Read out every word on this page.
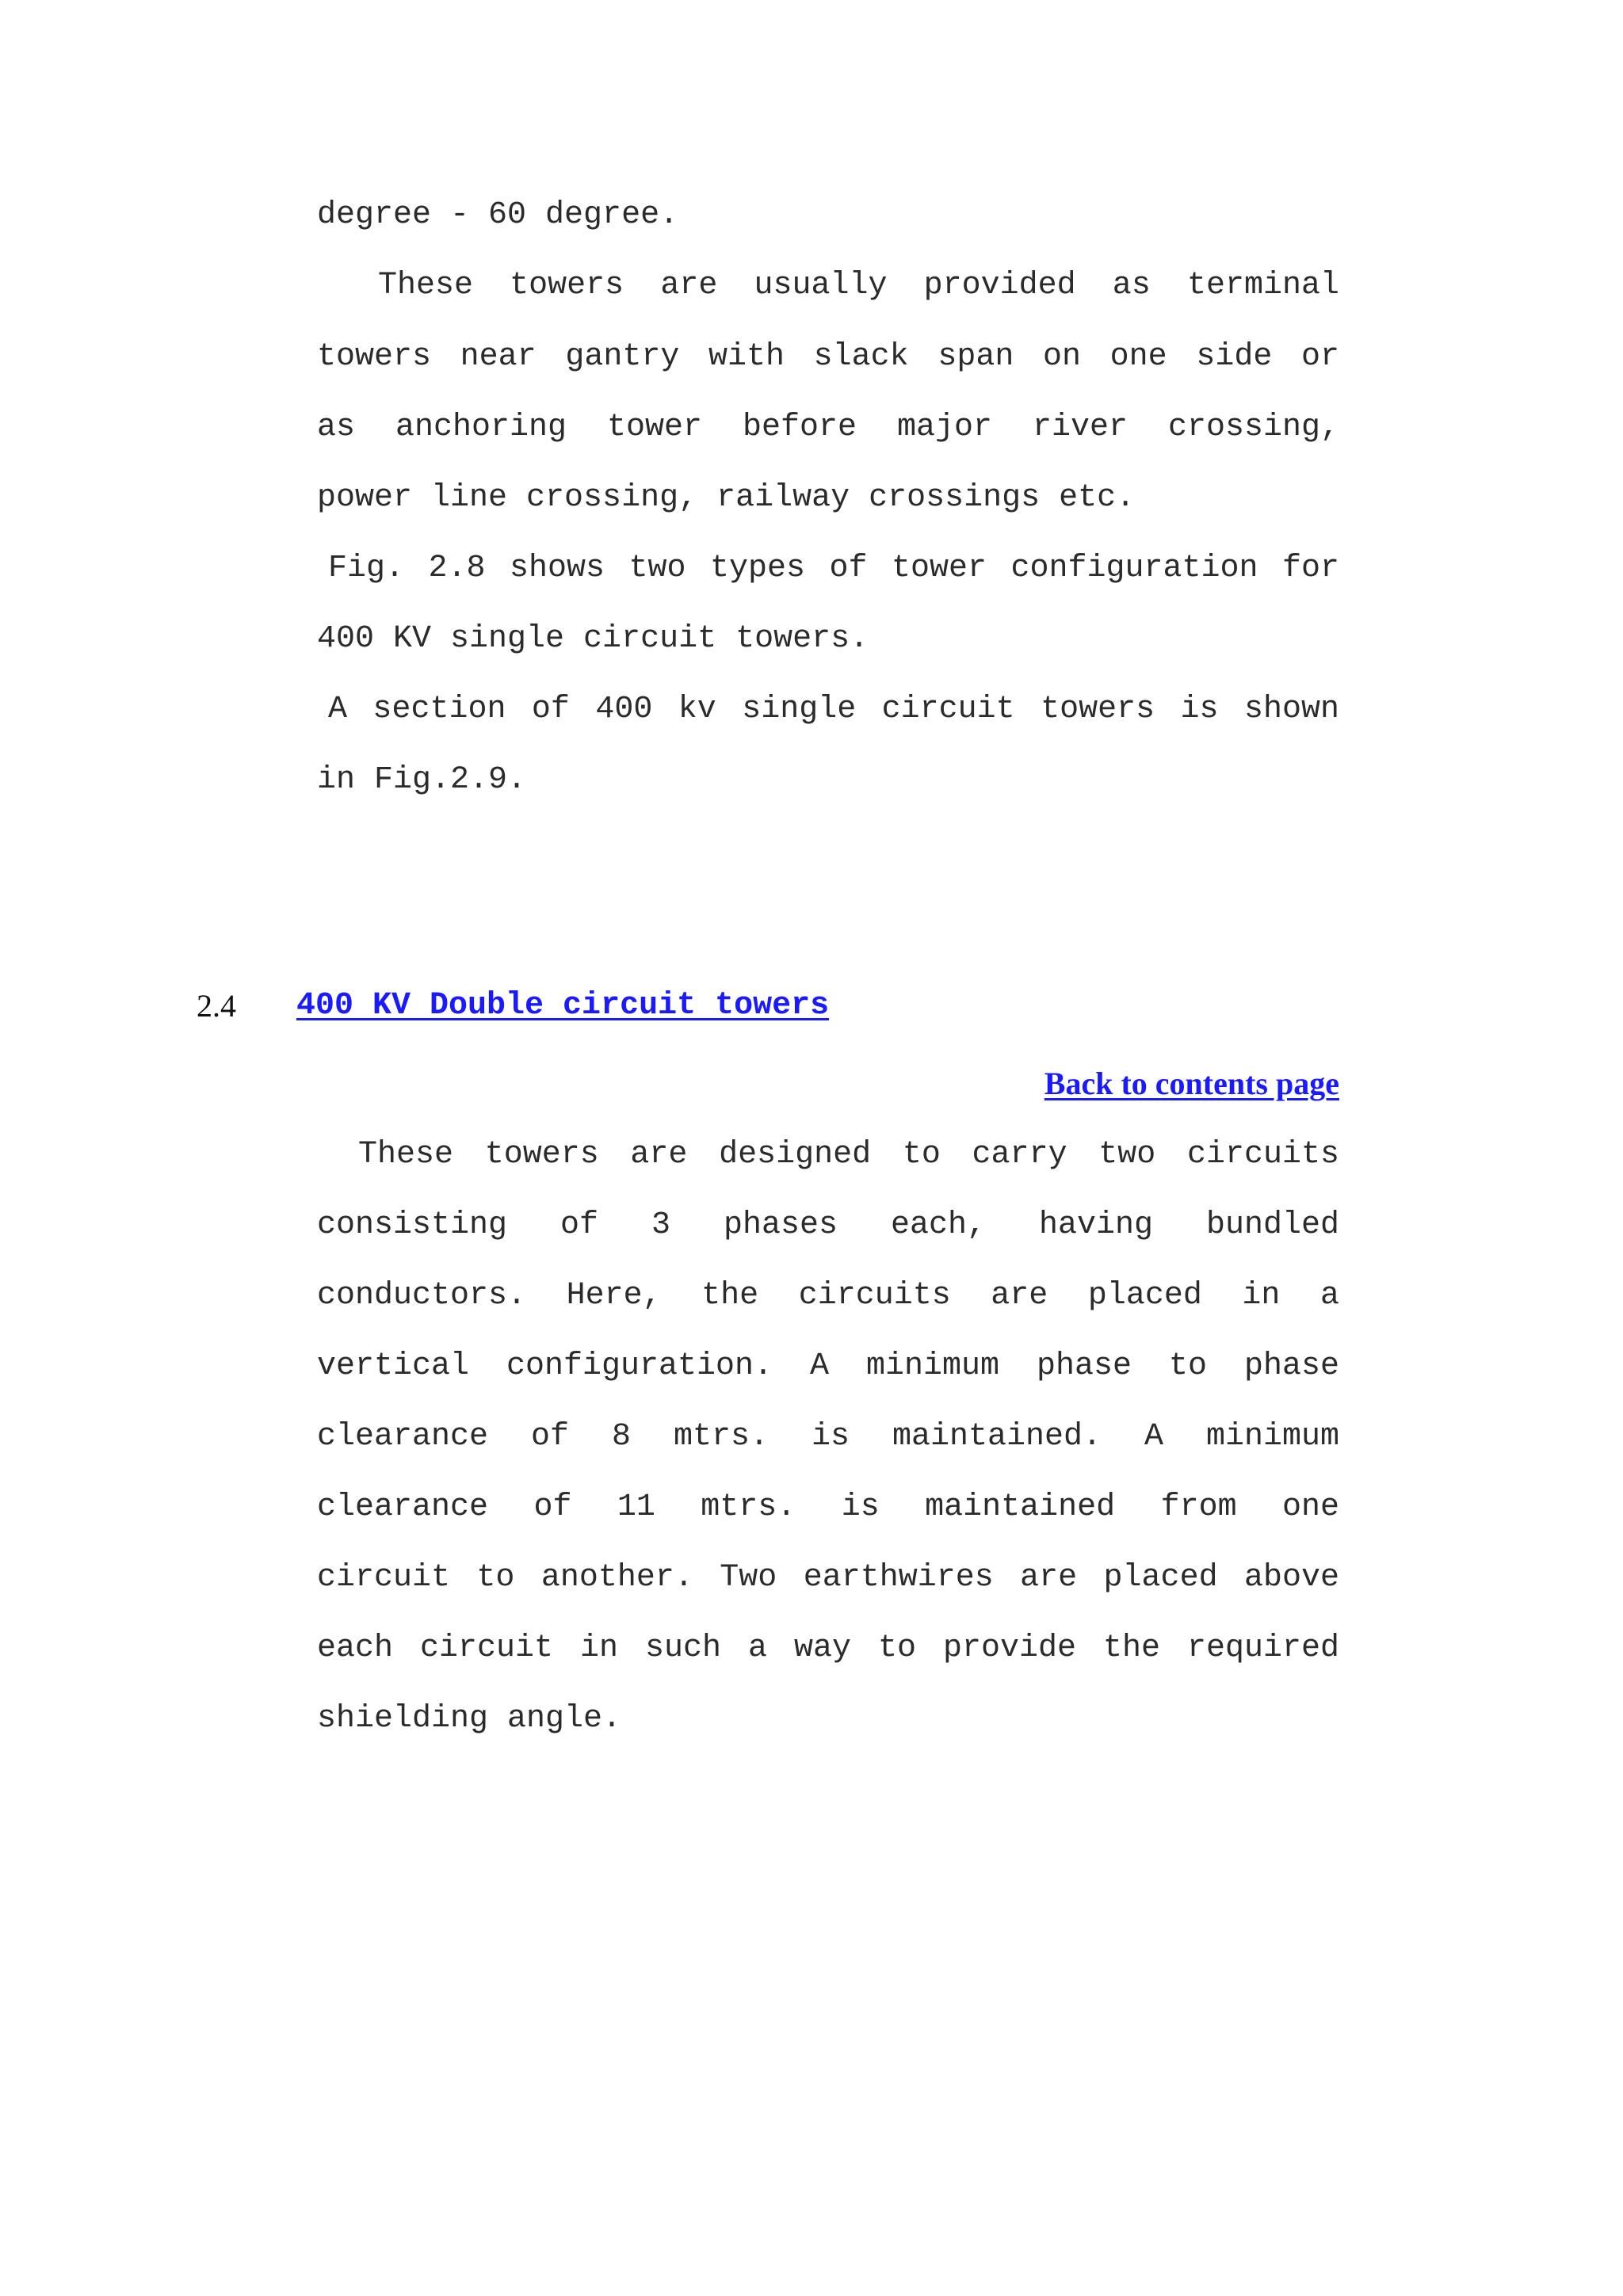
degree - 60 degree.
These towers are usually provided as terminal
towers near gantry with slack span on one side or
as anchoring tower before major river crossing,
power line crossing, railway crossings etc.
Fig. 2.8 shows two types of tower configuration for
400 KV single circuit towers.
A section of 400 kv single circuit towers is shown
in Fig.2.9.
2.4 400 KV Double circuit towers
Back to contents page
These towers are designed to carry two circuits
consisting of 3 phases each, having bundled
conductors. Here, the circuits are placed in a
vertical configuration. A minimum phase to phase
clearance of 8 mtrs. is maintained. A minimum
clearance of 11 mtrs. is maintained from one
circuit to another. Two earthwires are placed above
each circuit in such a way to provide the required
shielding angle.
